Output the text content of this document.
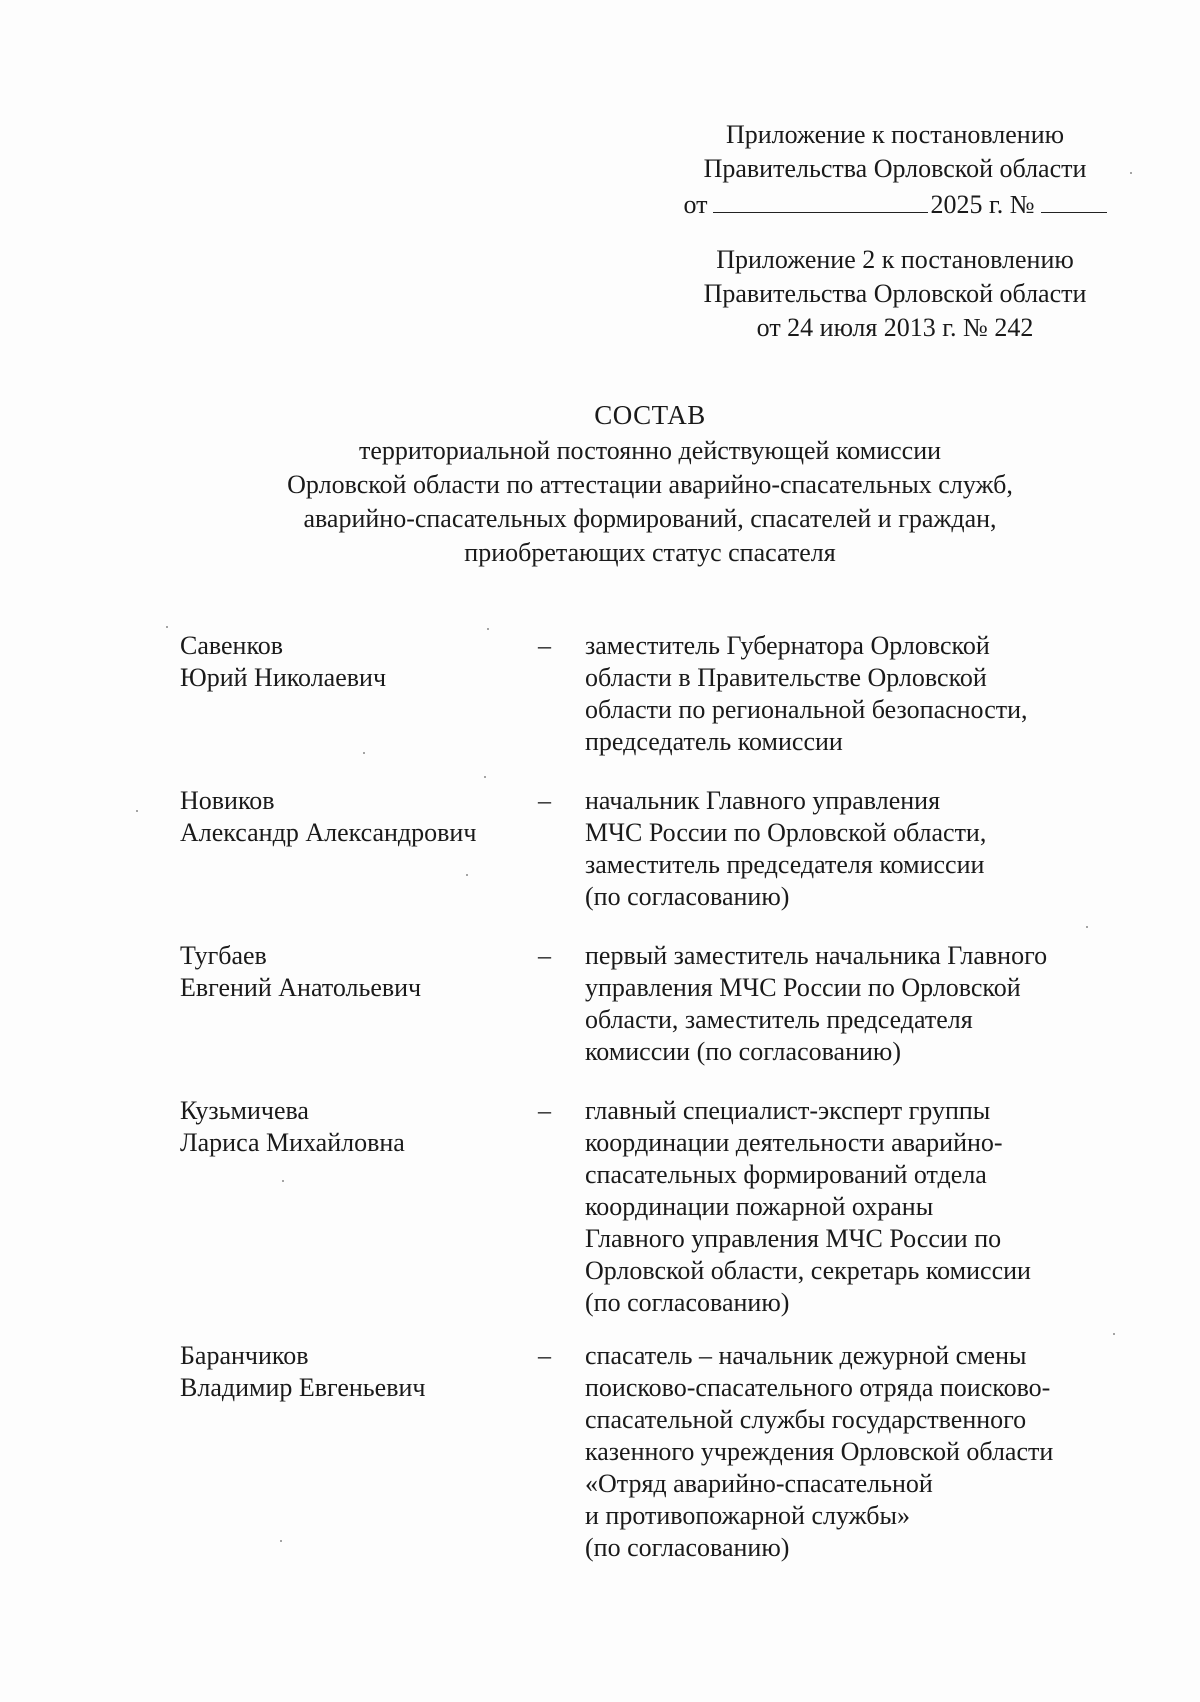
Приложение к постановлению
Правительства Орловской области
от	2025 г. №
Приложение 2 к постановлению
Правительства Орловской области
от 24 июля 2013 г. № 242
СОСТАВ
территориальной постоянно действующей комиссии
Орловской области по аттестации аварийно-спасательных служб,
аварийно-спасательных формирований, спасателей и граждан,
приобретающих статус спасателя
Савенков
Юрий Николаевич
– заместитель Губернатора Орловской
области в Правительстве Орловской
области по региональной безопасности,
председатель комиссии
Новиков
Александр Александрович
– начальник Главного управления
МЧС России по Орловской области,
заместитель председателя комиссии
(по согласованию)
Тугбаев
Евгений Анатольевич
– первый заместитель начальника Главного
управления МЧС России по Орловской
области, заместитель председателя
комиссии (по согласованию)
Кузьмичева
Лариса Михайловна
– главный специалист-эксперт группы
координации деятельности аварийно-
спасательных формирований отдела
координации пожарной охраны
Главного управления МЧС России по
Орловской области, секретарь комиссии
(по согласованию)
Баранчиков
Владимир Евгеньевич
– спасатель – начальник дежурной смены
поисково-спасательного отряда поисково-
спасательной службы государственного
казенного учреждения Орловской области
«Отряд аварийно-спасательной
и противопожарной службы»
(по согласованию)
